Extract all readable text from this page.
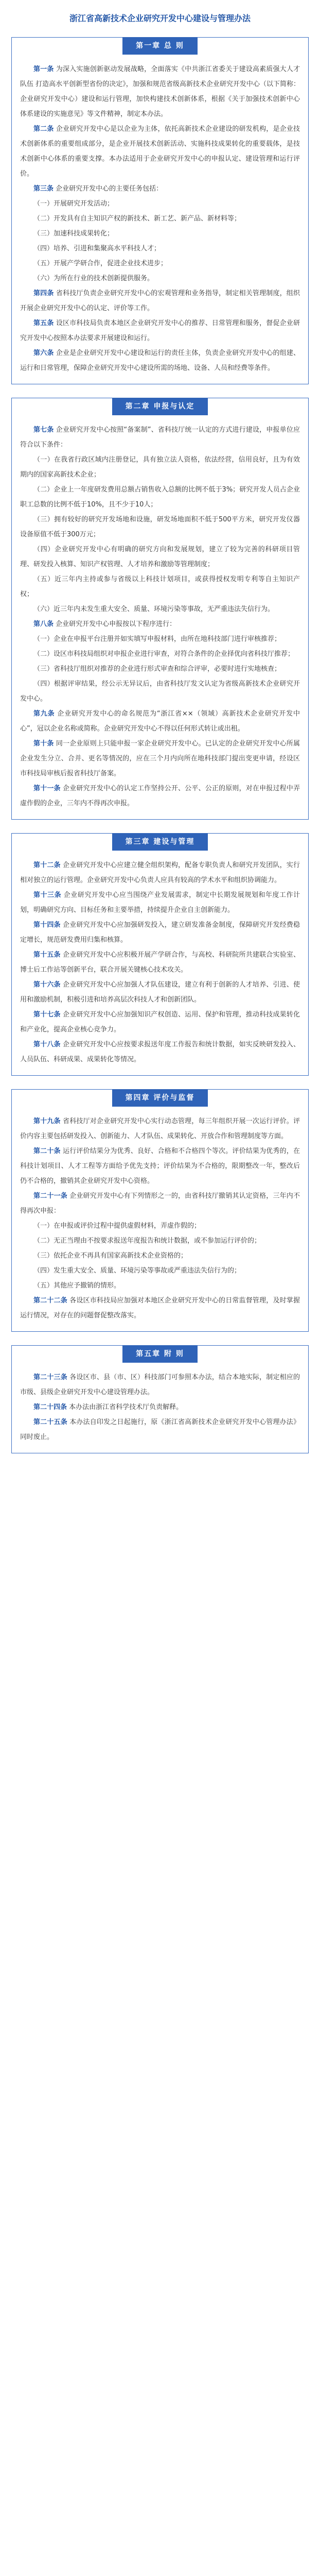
浙江省高新技术企业研究开发中心建设与管理办法
第一章 总 则

第一条 为深入实施创新驱动发展战略，全面落实《中共浙江省委关于建设高素质强大人才队伍 打造高水平创新型省份的决定》，加强和规范省级高新技术企业研究开发中心（以下简称：企业研究开发中心）建设和运行管理，加快构建技术创新体系，根据《关于加强技术创新中心体系建设的实施意见》等文件精神，制定本办法。

第二条 企业研究开发中心是以企业为主体，依托高新技术企业建设的研发机构，是企业技术创新体系的重要组成部分，是企业开展技术创新活动、实施科技成果转化的重要载体，是技术创新中心体系的重要支撑。本办法适用于企业研究开发中心的申报认定、建设管理和运行评价。

第三条 企业研究开发中心的主要任务包括：

（一）开展研究开发活动；

（二）开发具有自主知识产权的新技术、新工艺、新产品、新材料等；

（三）加速科技成果转化；

（四）培养、引进和集聚高水平科技人才；

（五）开展产学研合作，促进企业技术进步；

（六）为所在行业的技术创新提供服务。

第四条 省科技厅负责企业研究开发中心的宏观管理和业务指导，制定相关管理制度，组织开展企业研究开发中心的认定、评价等工作。

第五条 设区市科技局负责本地区企业研究开发中心的推荐、日常管理和服务，督促企业研究开发中心按照本办法要求开展建设和运行。

第六条 企业是企业研究开发中心建设和运行的责任主体，负责企业研究开发中心的组建、运行和日常管理，保障企业研究开发中心建设所需的场地、设备、人员和经费等条件。

第二章 申报与认定

第七条 企业研究开发中心按照“备案制”、省科技厅统一认定的方式进行建设，申报单位应符合以下条件：

（一）在我省行政区域内注册登记，具有独立法人资格，依法经营，信用良好，且为有效期内的国家高新技术企业；

（二）企业上一年度研发费用总额占销售收入总额的比例不低于3%；研究开发人员占企业职工总数的比例不低于10%，且不少于10人；

（三）拥有较好的研究开发场地和设施，研发场地面积不低于500平方米，研究开发仪器设备原值不低于300万元；

（四）企业研究开发中心有明确的研究方向和发展规划，建立了较为完善的科研项目管理、研发投入核算、知识产权管理、人才培养和激励等管理制度；

（五）近三年内主持或参与省级以上科技计划项目，或获得授权发明专利等自主知识产权；

（六）近三年内未发生重大安全、质量、环境污染等事故，无严重违法失信行为。

第八条 企业研究开发中心申报按以下程序进行：

（一）企业在申报平台注册并如实填写申报材料，由所在地科技部门进行审核推荐；

（二）设区市科技局组织对申报企业进行审查，对符合条件的企业择优向省科技厅推荐；

（三）省科技厅组织对推荐的企业进行形式审查和综合评审，必要时进行实地核查；

（四）根据评审结果，经公示无异议后，由省科技厅发文认定为省级高新技术企业研究开发中心。

第九条 企业研究开发中心的命名规范为“浙江省××（领域）高新技术企业研究开发中心”，冠以企业名称或简称。企业研究开发中心不得以任何形式转让或出租。

第十条 同一企业原则上只能申报一家企业研究开发中心。已认定的企业研究开发中心所属企业发生分立、合并、更名等情况的，应在三个月内向所在地科技部门提出变更申请，经设区市科技局审核后报省科技厅备案。

第十一条 企业研究开发中心的认定工作坚持公开、公平、公正的原则，对在申报过程中弄虚作假的企业，三年内不得再次申报。

第三章 建设与管理

第十二条 企业研究开发中心应建立健全组织架构，配备专职负责人和研究开发团队，实行相对独立的运行管理。企业研究开发中心负责人应具有较高的学术水平和组织协调能力。

第十三条 企业研究开发中心应当围绕产业发展需求，制定中长期发展规划和年度工作计划，明确研究方向、目标任务和主要举措，持续提升企业自主创新能力。

第十四条 企业研究开发中心应加强研发投入，建立研发准备金制度，保障研究开发经费稳定增长，规范研发费用归集和核算。

第十五条 企业研究开发中心应积极开展产学研合作，与高校、科研院所共建联合实验室、博士后工作站等创新平台，联合开展关键核心技术攻关。

第十六条 企业研究开发中心应加强人才队伍建设，建立有利于创新的人才培养、引进、使用和激励机制，积极引进和培养高层次科技人才和创新团队。

第十七条 企业研究开发中心应加强知识产权创造、运用、保护和管理，推动科技成果转化和产业化，提高企业核心竞争力。

第十八条 企业研究开发中心应按要求报送年度工作报告和统计数据，如实反映研发投入、人员队伍、科研成果、成果转化等情况。

第四章 评价与监督

第十九条 省科技厅对企业研究开发中心实行动态管理，每三年组织开展一次运行评价。评价内容主要包括研发投入、创新能力、人才队伍、成果转化、开放合作和管理制度等方面。

第二十条 运行评价结果分为优秀、良好、合格和不合格四个等次。评价结果为优秀的，在科技计划项目、人才工程等方面给予优先支持；评价结果为不合格的，限期整改一年，整改后仍不合格的，撤销其企业研究开发中心资格。

第二十一条 企业研究开发中心有下列情形之一的，由省科技厅撤销其认定资格，三年内不得再次申报：

（一）在申报或评价过程中提供虚假材料，弄虚作假的；

（二）无正当理由不按要求报送年度报告和统计数据，或不参加运行评价的；

（三）依托企业不再具有国家高新技术企业资格的；

（四）发生重大安全、质量、环境污染等事故或严重违法失信行为的；

（五）其他应予撤销的情形。

第二十二条 各设区市科技局应加强对本地区企业研究开发中心的日常监督管理，及时掌握运行情况，对存在的问题督促整改落实。

第五章 附 则

第二十三条 各设区市、县（市、区）科技部门可参照本办法，结合本地实际，制定相应的市级、县级企业研究开发中心建设管理办法。

第二十四条 本办法由浙江省科学技术厅负责解释。

第二十五条 本办法自印发之日起施行，原《浙江省高新技术企业研究开发中心管理办法》同时废止。
